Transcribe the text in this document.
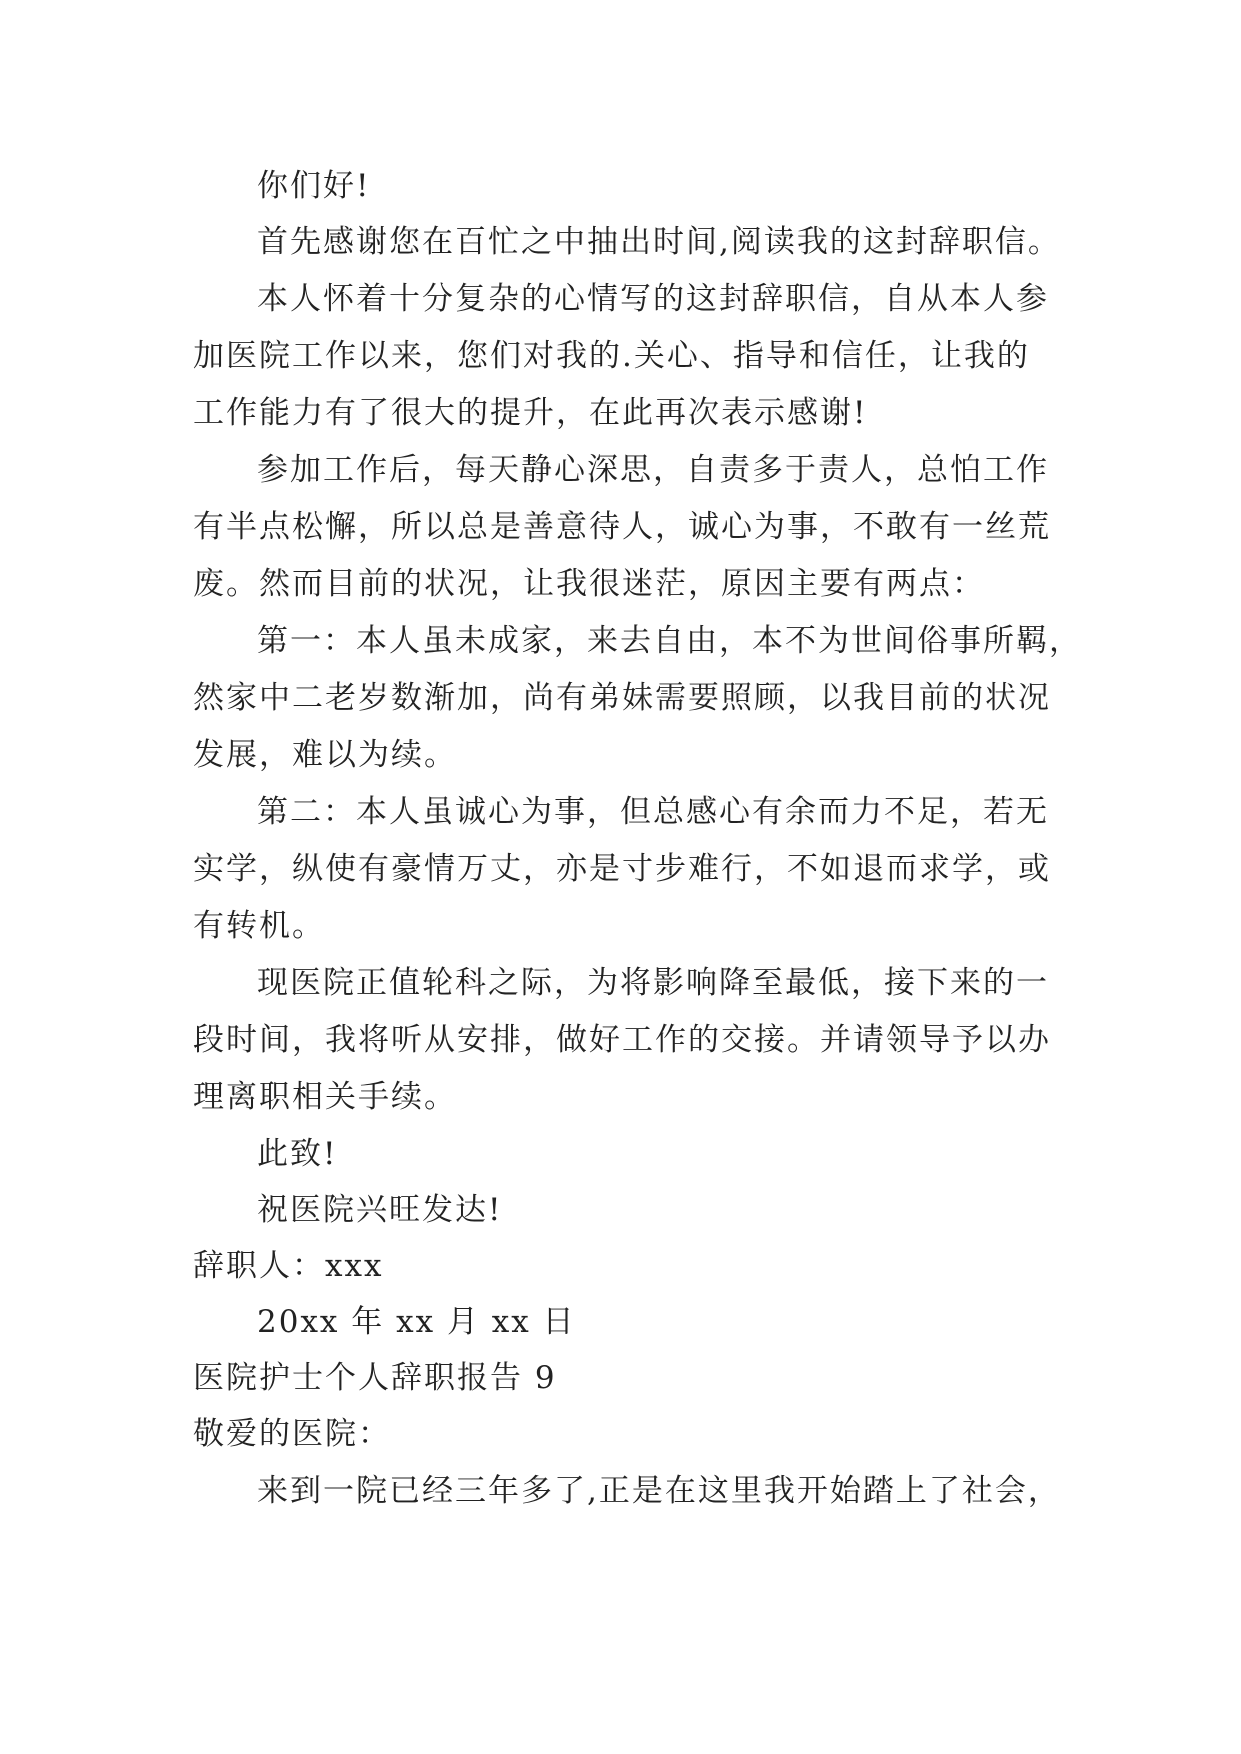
你们好!
首先感谢您在百忙之中抽出时间,阅读我的这封辞职信。
本人怀着十分复杂的心情写的这封辞职信，自从本人参
加医院工作以来，您们对我的.关心、指导和信任，让我的
工作能力有了很大的提升，在此再次表示感谢!
参加工作后，每天静心深思，自责多于责人，总怕工作
有半点松懈，所以总是善意待人，诚心为事，不敢有一丝荒
废。然而目前的状况，让我很迷茫，原因主要有两点：
第一：本人虽未成家，来去自由，本不为世间俗事所羁，
然家中二老岁数渐加，尚有弟妹需要照顾，以我目前的状况
发展，难以为续。
第二：本人虽诚心为事，但总感心有余而力不足，若无
实学，纵使有豪情万丈，亦是寸步难行，不如退而求学，或
有转机。
现医院正值轮科之际，为将影响降至最低，接下来的一
段时间，我将听从安排，做好工作的交接。并请领导予以办
理离职相关手续。
此致!
祝医院兴旺发达!
辞职人：xxx
20xx 年 xx 月 xx 日
医院护士个人辞职报告 9
敬爱的医院：
来到一院已经三年多了,正是在这里我开始踏上了社会，
